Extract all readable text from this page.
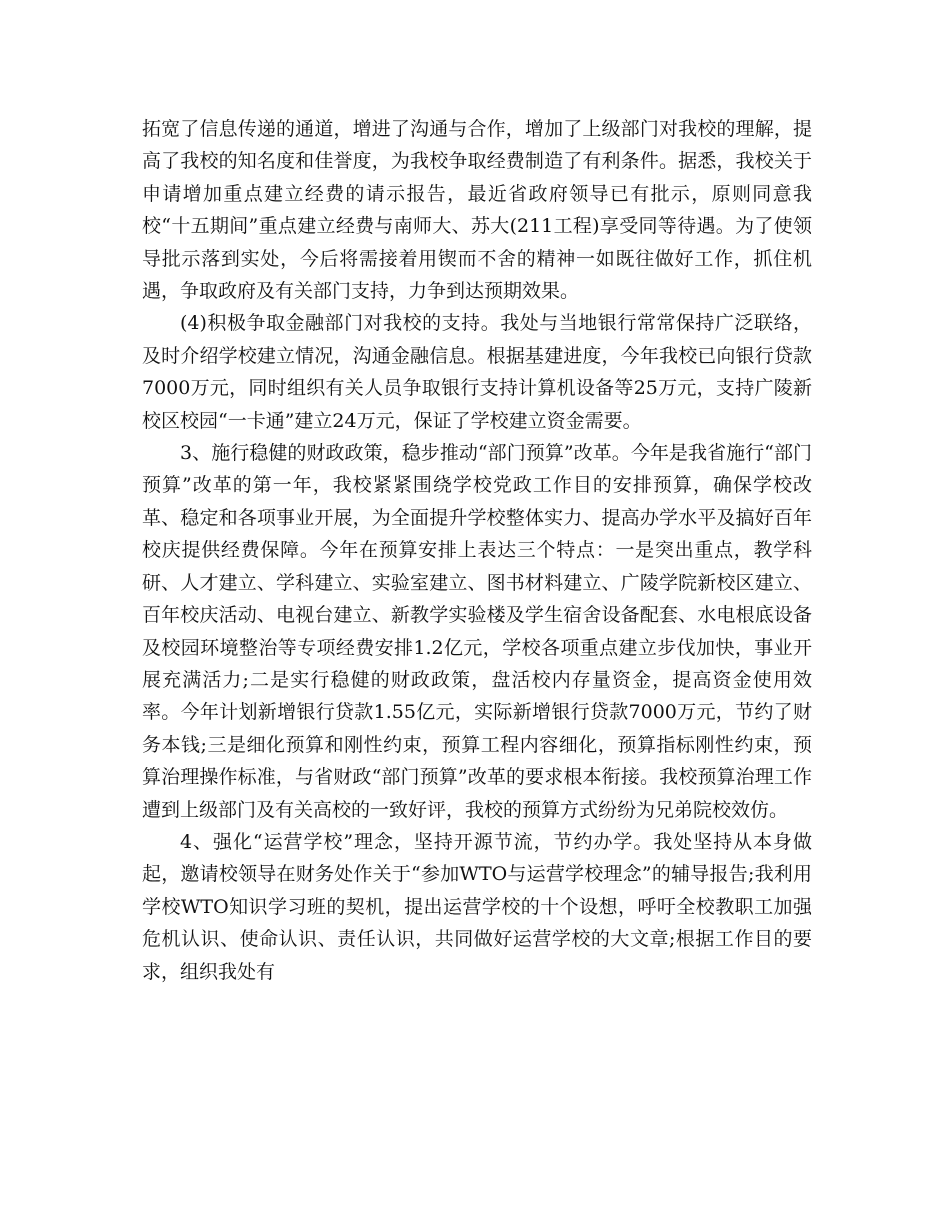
拓宽了信息传递的通道，增进了沟通与合作，增加了上级部门对我校的理解，提高了我校的知名度和佳誉度，为我校争取经费制造了有利条件。据悉，我校关于申请增加重点建立经费的请示报告，最近省政府领导已有批示，原则同意我校“十五期间”重点建立经费与南师大、苏大(211工程)享受同等待遇。为了使领导批示落到实处，今后将需接着用锲而不舍的精神一如既往做好工作，抓住机遇，争取政府及有关部门支持，力争到达预期效果。

(4)积极争取金融部门对我校的支持。我处与当地银行常常保持广泛联络，及时介绍学校建立情况，沟通金融信息。根据基建进度，今年我校已向银行贷款7000万元，同时组织有关人员争取银行支持计算机设备等25万元，支持广陵新校区校园“一卡通”建立24万元，保证了学校建立资金需要。

3、施行稳健的财政政策，稳步推动“部门预算”改革。今年是我省施行“部门预算”改革的第一年，我校紧紧围绕学校党政工作目的安排预算，确保学校改革、稳定和各项事业开展，为全面提升学校整体实力、提高办学水平及搞好百年校庆提供经费保障。今年在预算安排上表达三个特点：一是突出重点，教学科研、人才建立、学科建立、实验室建立、图书材料建立、广陵学院新校区建立、百年校庆活动、电视台建立、新教学实验楼及学生宿舍设备配套、水电根底设备及校园环境整治等专项经费安排1.2亿元，学校各项重点建立步伐加快，事业开展充满活力;二是实行稳健的财政政策，盘活校内存量资金，提高资金使用效率。今年计划新增银行贷款1.55亿元，实际新增银行贷款7000万元，节约了财务本钱;三是细化预算和刚性约束，预算工程内容细化，预算指标刚性约束，预算治理操作标准，与省财政“部门预算”改革的要求根本衔接。我校预算治理工作遭到上级部门及有关高校的一致好评，我校的预算方式纷纷为兄弟院校效仿。

4、强化“运营学校”理念，坚持开源节流，节约办学。我处坚持从本身做起，邀请校领导在财务处作关于“参加WTO与运营学校理念”的辅导报告;我利用学校WTO知识学习班的契机，提出运营学校的十个设想，呼吁全校教职工加强危机认识、使命认识、责任认识，共同做好运营学校的大文章;根据工作目的要求，组织我处有
